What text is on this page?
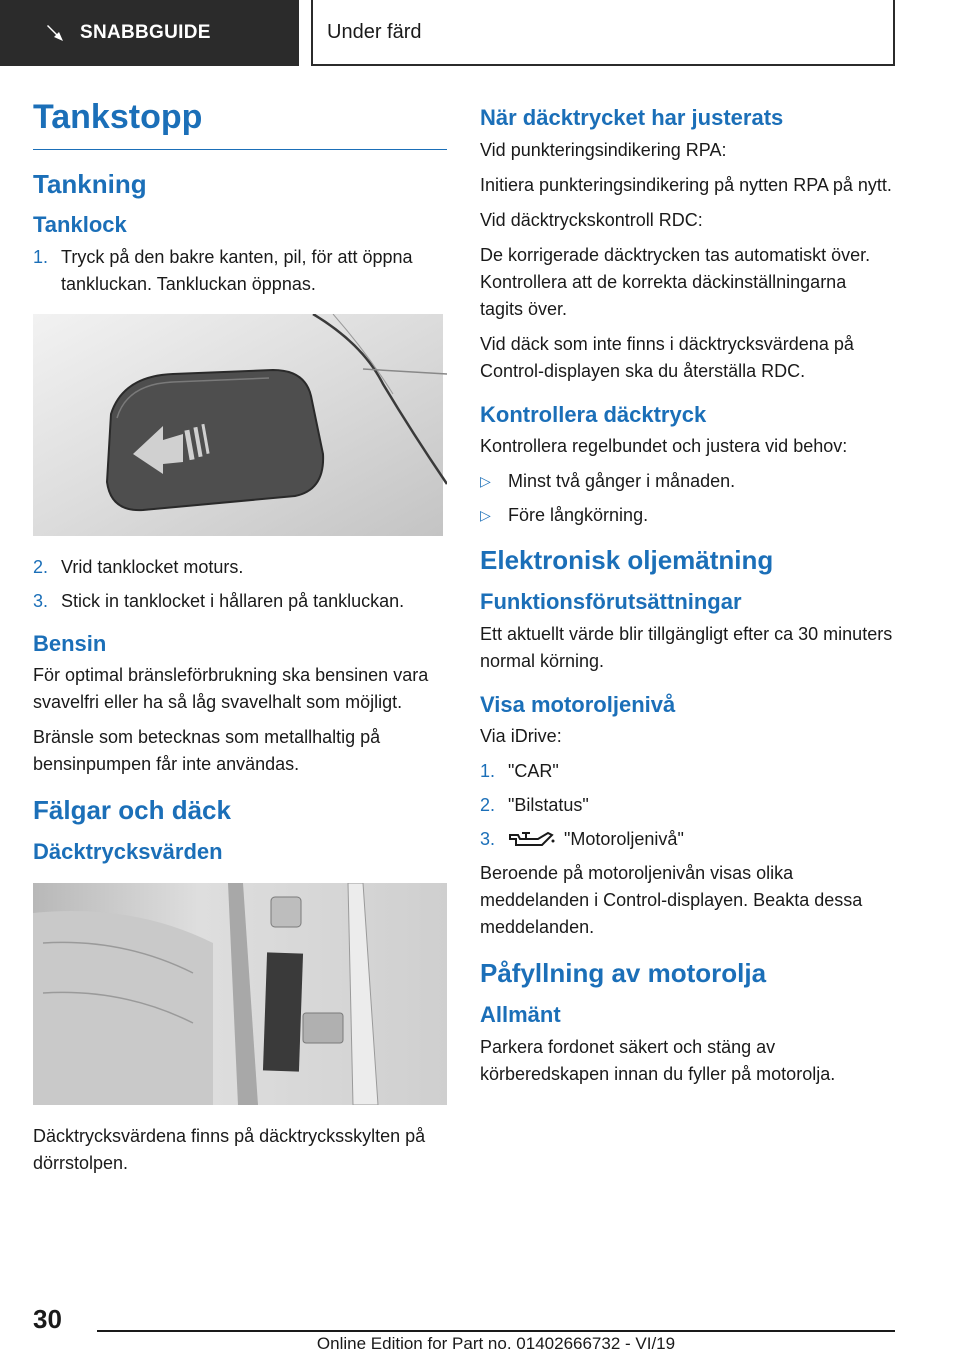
SNABBGUIDE	Under färd
Tankstopp
Tankning
Tanklock
1. Tryck på den bakre kanten, pil, för att öppna tankluckan. Tankluckan öppnas.
2. Vrid tanklocket moturs.
3. Stick in tanklocket i hållaren på tankluckan.
Bensin

För optimal bränsleförbrukning ska bensinen vara svavelfri eller ha så låg svavelhalt som möjligt.

Bränsle som betecknas som metallhaltig på bensinpumpen får inte användas.

Fälgar och däck
Däcktrycksvärden

Däcktrycksvärdena finns på däcktrycksskylten på dörrstolpen.

När däcktrycket har justerats

Vid punkteringsindikering RPA:

Initiera punkteringsindikering på nytten RPA på nytt.

Vid däcktryckskontroll RDC:

De korrigerade däcktrycken tas automatiskt över. Kontrollera att de korrekta däckinställningarna tagits över.

Vid däck som inte finns i däcktrycksvärdena på Control-displayen ska du återställa RDC.

Kontrollera däcktryck

Kontrollera regelbundet och justera vid behov:

▷ Minst två gånger i månaden.
▷ Före långkörning.
Elektronisk oljemätning
Funktionsförutsättningar

Ett aktuellt värde blir tillgängligt efter ca 30 minuters normal körning.

Visa motoroljenivå

Via iDrive:

1. "CAR"
2. "Bilstatus"
3.	"Motoroljenivå"

Beroende på motoroljenivån visas olika meddelanden i Control-displayen. Beakta dessa meddelanden.

Påfyllning av motorolja
Allmänt

Parkera fordonet säkert och stäng av körberedskapen innan du fyller på motorolja.

30
Online Edition for Part no. 01402666732 - VI/19
